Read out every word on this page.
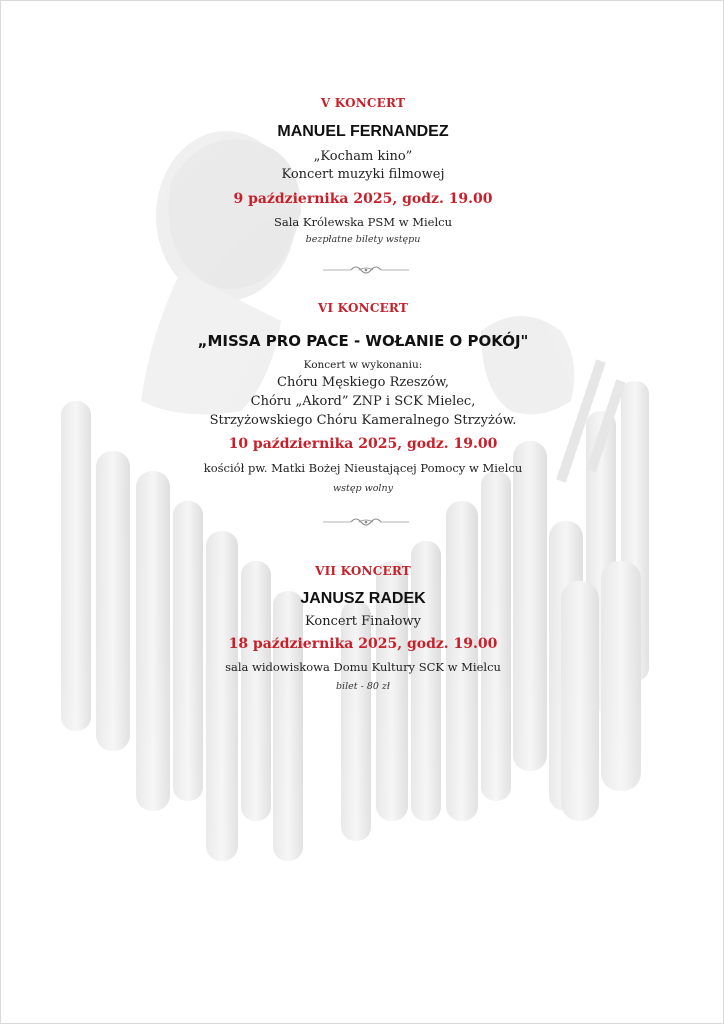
V KONCERT
MANUEL FERNANDEZ
„Kocham kino”
Koncert muzyki filmowej
9 października 2025, godz. 19.00
Sala Królewska PSM w Mielcu
bezpłatne bilety wstępu
VI KONCERT
„MISSA PRO PACE - WOŁANIE O POKÓJ"
Koncert w wykonaniu:
Chóru Męskiego Rzeszów,
Chóru „Akord” ZNP i SCK Mielec,
Strzyżowskiego Chóru Kameralnego Strzyżów.
10 października 2025, godz. 19.00
kościół pw. Matki Bożej Nieustającej Pomocy w Mielcu
wstęp wolny
VII KONCERT
JANUSZ RADEK
Koncert Finałowy
18 października 2025, godz. 19.00
sala widowiskowa Domu Kultury SCK w Mielcu
bilet - 80 zł
